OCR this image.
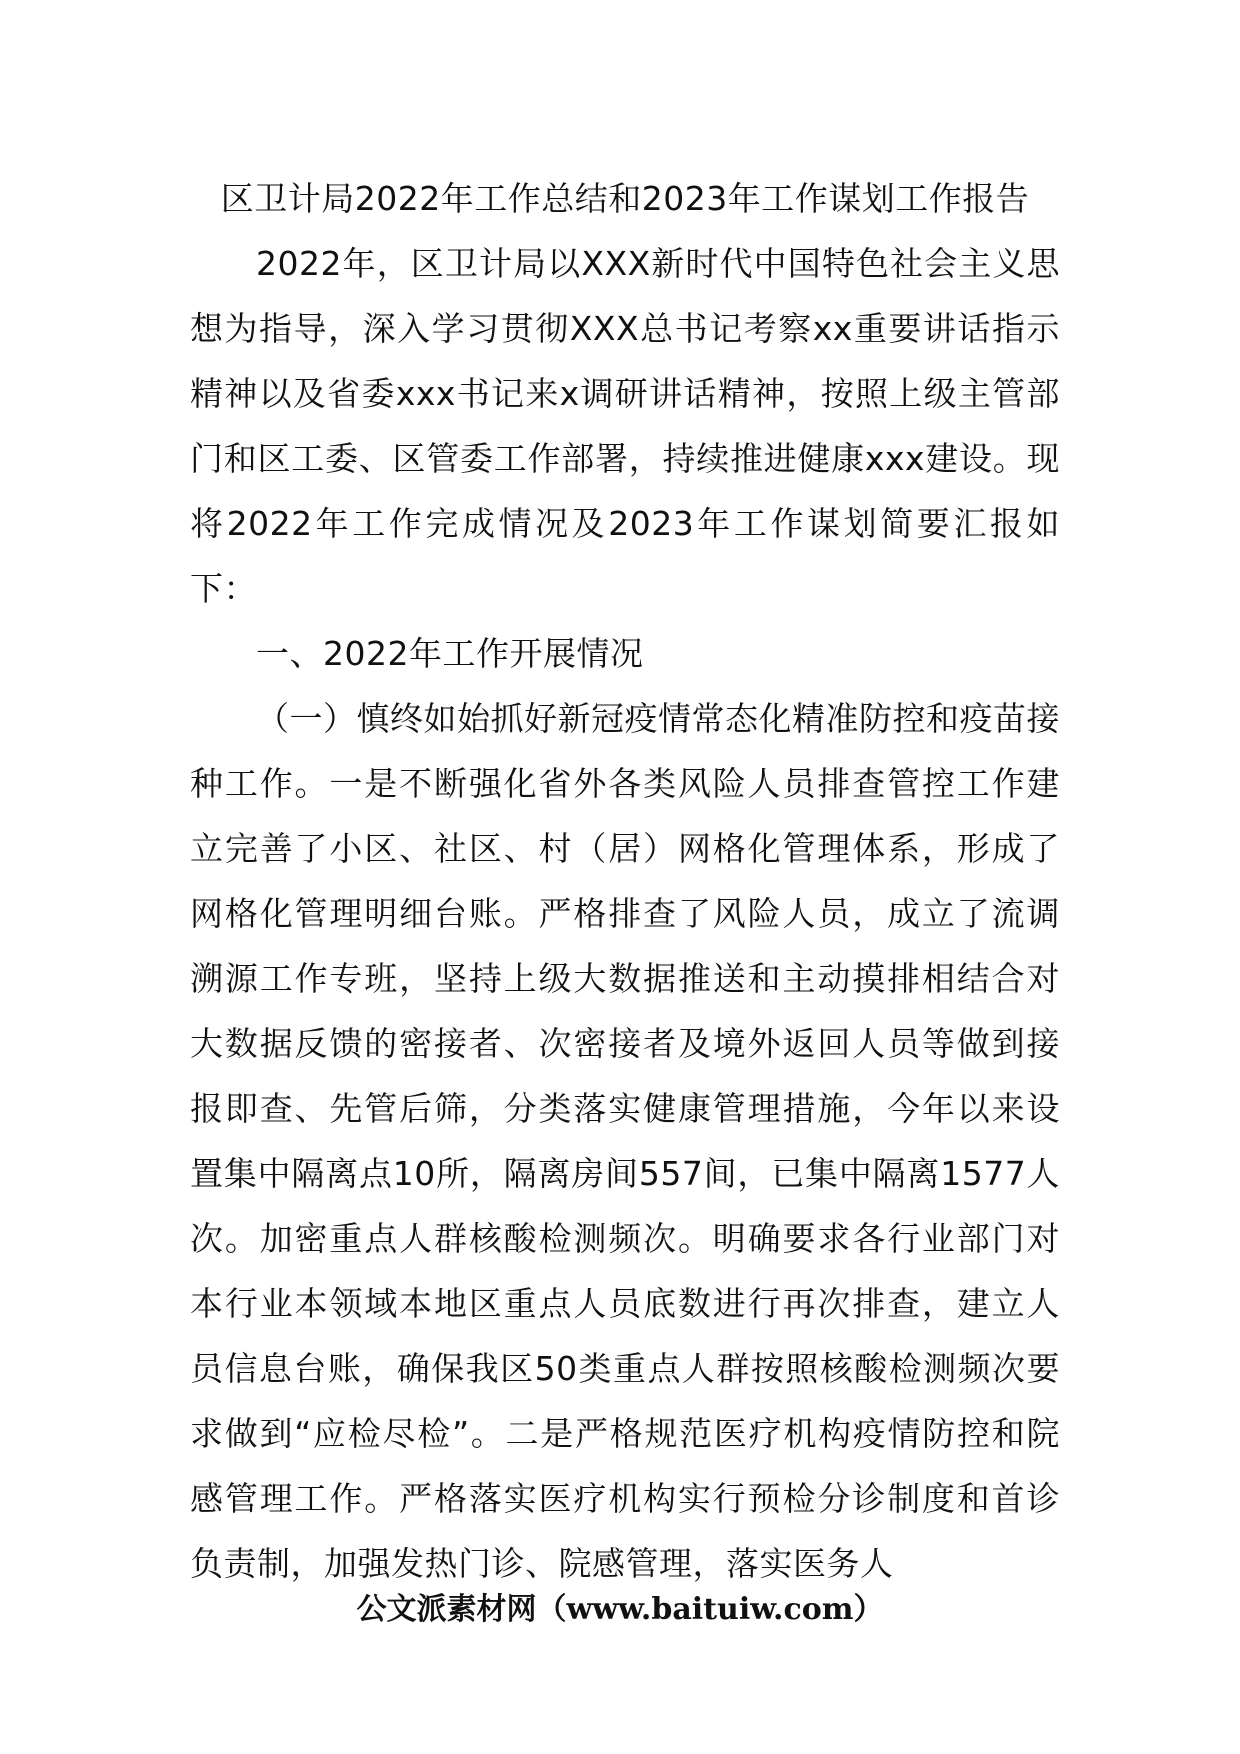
区卫计局2022年工作总结和2023年工作谋划工作报告

2022年，区卫计局以XXX新时代中国特色社会主义思想为指导，深入学习贯彻XXX总书记考察xx重要讲话指示精神以及省委xxx书记来x调研讲话精神，按照上级主管部门和区工委、区管委工作部署，持续推进健康xxx建设。现将2022年工作完成情况及2023年工作谋划简要汇报如下：

一、2022年工作开展情况

（一）慎终如始抓好新冠疫情常态化精准防控和疫苗接种工作。一是不断强化省外各类风险人员排查管控工作建立完善了小区、社区、村（居）网格化管理体系，形成了网格化管理明细台账。严格排查了风险人员，成立了流调溯源工作专班，坚持上级大数据推送和主动摸排相结合对大数据反馈的密接者、次密接者及境外返回人员等做到接报即查、先管后筛，分类落实健康管理措施，今年以来设置集中隔离点10所，隔离房间557间，已集中隔离1577人次。加密重点人群核酸检测频次。明确要求各行业部门对本行业本领域本地区重点人员底数进行再次排查，建立人员信息台账，确保我区50类重点人群按照核酸检测频次要求做到“应检尽检”。二是严格规范医疗机构疫情防控和院感管理工作。严格落实医疗机构实行预检分诊制度和首诊负责制，加强发热门诊、院感管理，落实医务人

公文派素材网（www.baituiw.com）
